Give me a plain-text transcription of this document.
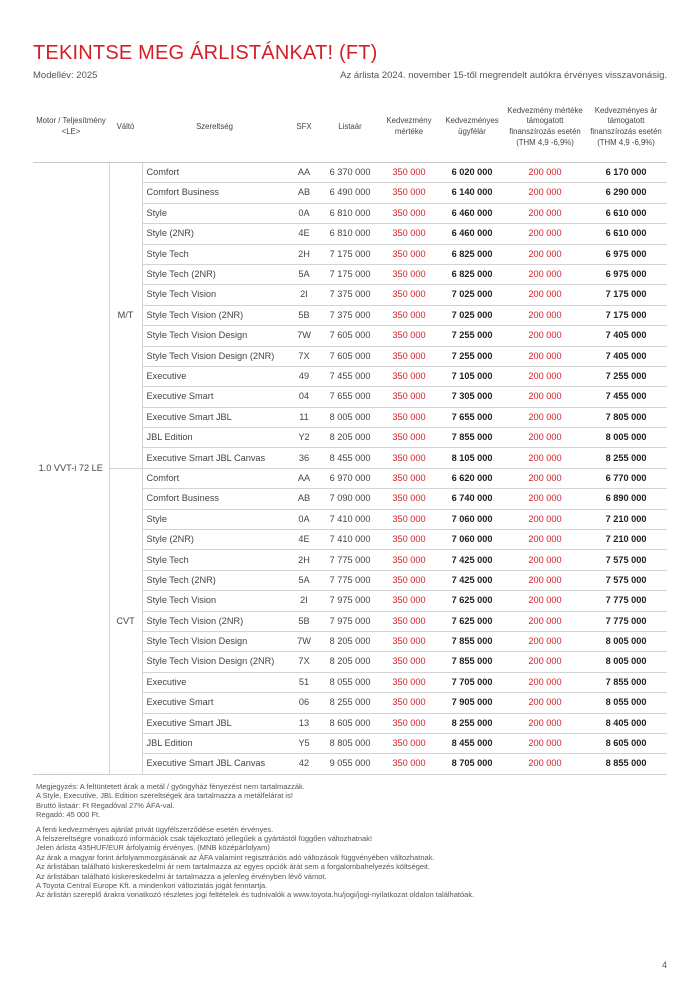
TEKINTSE MEG ÁRLISTÁNKAT! (FT)
Modellév: 2025	Az árlista 2024. november 15-től megrendelt autókra érvényes visszavonásig.
Motor / Teljesítmény <LE>	Váltó	Szereltség	SFX	Listaár	Kedvezmény mértéke	Kedvezményes ügyfélár	Kedvezmény mértéke támogatott finanszírozás esetén (THM 4,9 -6,9%)	Kedvezményes ár támogatott finanszírozás esetén (THM 4,9 -6,9%)
1.0 VVT-i 72 LE	M/T	Comfort	AA	6 370 000	350 000	6 020 000	200 000	6 170 000
		Comfort Business	AB	6 490 000	350 000	6 140 000	200 000	6 290 000
		Style	0A	6 810 000	350 000	6 460 000	200 000	6 610 000
		Style (2NR)	4E	6 810 000	350 000	6 460 000	200 000	6 610 000
		Style Tech	2H	7 175 000	350 000	6 825 000	200 000	6 975 000
		Style Tech (2NR)	5A	7 175 000	350 000	6 825 000	200 000	6 975 000
		Style Tech Vision	2I	7 375 000	350 000	7 025 000	200 000	7 175 000
		Style Tech Vision (2NR)	5B	7 375 000	350 000	7 025 000	200 000	7 175 000
		Style Tech Vision Design	7W	7 605 000	350 000	7 255 000	200 000	7 405 000
		Style Tech Vision Design (2NR)	7X	7 605 000	350 000	7 255 000	200 000	7 405 000
		Executive	49	7 455 000	350 000	7 105 000	200 000	7 255 000
		Executive Smart	04	7 655 000	350 000	7 305 000	200 000	7 455 000
		Executive Smart JBL	11	8 005 000	350 000	7 655 000	200 000	7 805 000
		JBL Edition	Y2	8 205 000	350 000	7 855 000	200 000	8 005 000
		Executive Smart JBL Canvas	36	8 455 000	350 000	8 105 000	200 000	8 255 000
	CVT	Comfort	AA	6 970 000	350 000	6 620 000	200 000	6 770 000
		Comfort Business	AB	7 090 000	350 000	6 740 000	200 000	6 890 000
		Style	0A	7 410 000	350 000	7 060 000	200 000	7 210 000
		Style (2NR)	4E	7 410 000	350 000	7 060 000	200 000	7 210 000
		Style Tech	2H	7 775 000	350 000	7 425 000	200 000	7 575 000
		Style Tech (2NR)	5A	7 775 000	350 000	7 425 000	200 000	7 575 000
		Style Tech Vision	2I	7 975 000	350 000	7 625 000	200 000	7 775 000
		Style Tech Vision (2NR)	5B	7 975 000	350 000	7 625 000	200 000	7 775 000
		Style Tech Vision Design	7W	8 205 000	350 000	7 855 000	200 000	8 005 000
		Style Tech Vision Design (2NR)	7X	8 205 000	350 000	7 855 000	200 000	8 005 000
		Executive	51	8 055 000	350 000	7 705 000	200 000	7 855 000
		Executive Smart	06	8 255 000	350 000	7 905 000	200 000	8 055 000
		Executive Smart JBL	13	8 605 000	350 000	8 255 000	200 000	8 405 000
		JBL Edition	Y5	8 805 000	350 000	8 455 000	200 000	8 605 000
		Executive Smart JBL Canvas	42	9 055 000	350 000	8 705 000	200 000	8 855 000
Megjegyzés: A feltüntetett árak a metál / gyöngyház fényezést nem tartalmazzák.
A Style, Executive, JBL Edition szereltségek ára tartalmazza a metálfelárat is!
Bruttó listaár: Ft Regadóval 27% ÁFA-val.
Regadó: 45 000 Ft.
A fenti kedvezményes ajánlat privát ügyfélszerződése esetén érvényes.
A felszereltségre vonatkozó információk csak tájékoztató jellegűek a gyártástól függően változhatnak!
Jelen árlista 435HUF/EUR árfolyamig érvényes. (MNB középárfolyam)
Az árak a magyar forint árfolyammozgásának az ÁFA valamint regisztrációs adó változások függvényében változhatnak.
Az árlistában található kiskereskedelmi ár nem tartalmazza az egyes opciók árát sem a forgalombahelyezés költségeit.
Az árlistában található kiskereskedelmi ár tartalmazza a jelenleg érvényben lévő vámot.
A Toyota Central Europe Kft. a mindenkori változtatás jogát fenntartja.
Az árlistán szereplő árakra vonatkozó részletes jogi feltételek és tudnivalók a www.toyota.hu/jogi/jogi-nyilatkozat oldalon találhatóak.
4
